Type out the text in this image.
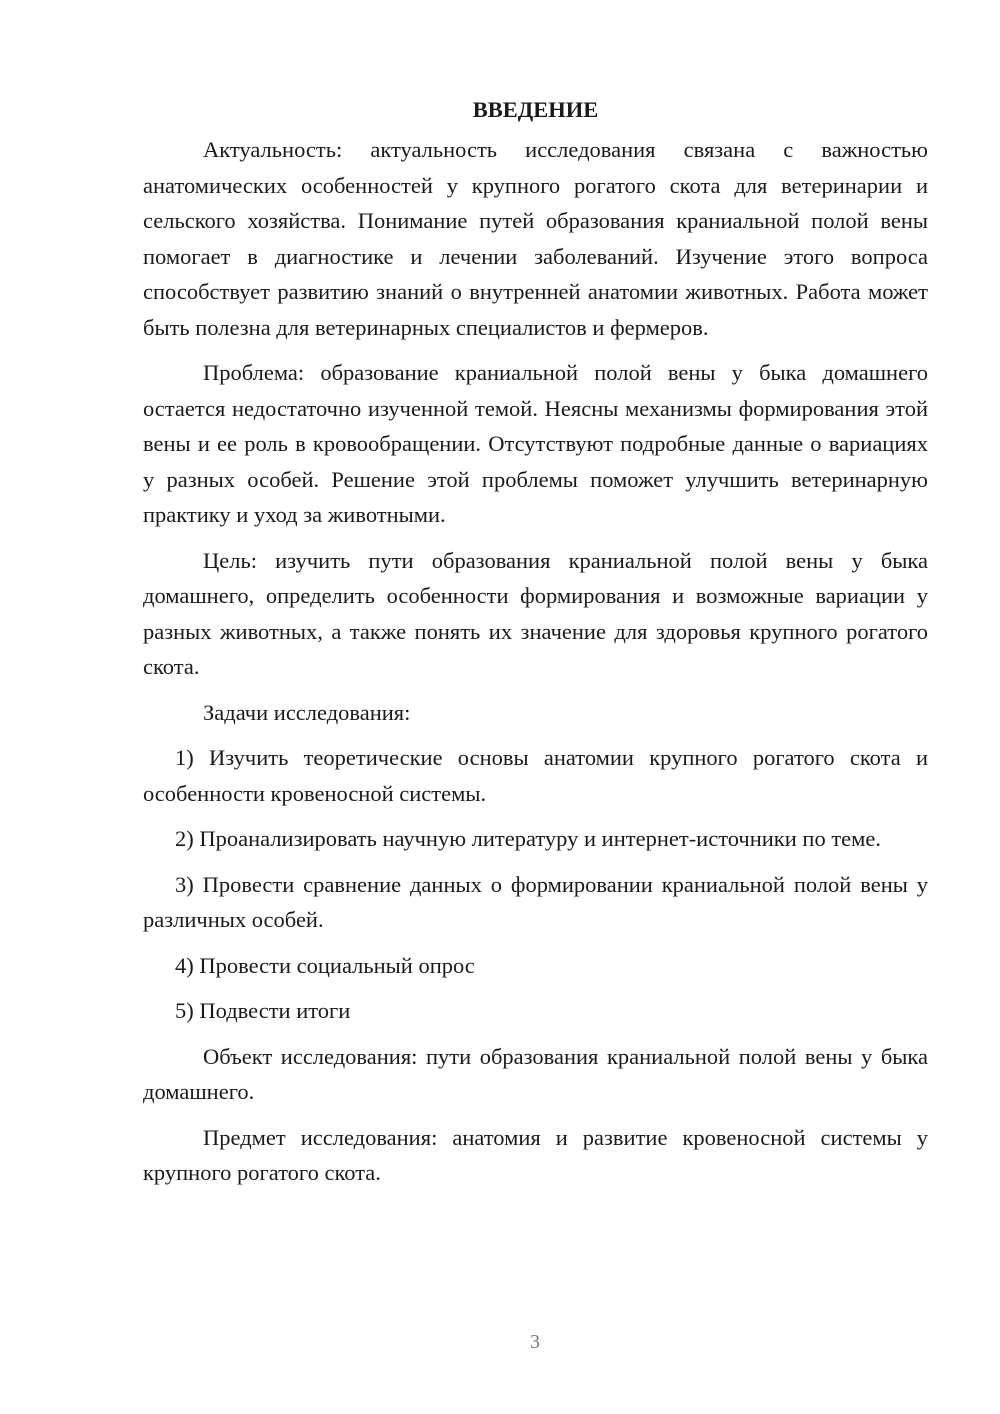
ВВЕДЕНИЕ

Актуальность: актуальность исследования связана с важностью анатомических особенностей у крупного рогатого скота для ветеринарии и сельского хозяйства. Понимание путей образования краниальной полой вены помогает в диагностике и лечении заболеваний. Изучение этого вопроса способствует развитию знаний о внутренней анатомии животных. Работа может быть полезна для ветеринарных специалистов и фермеров.

Проблема: образование краниальной полой вены у быка домашнего остается недостаточно изученной темой. Неясны механизмы формирования этой вены и ее роль в кровообращении. Отсутствуют подробные данные о вариациях у разных особей. Решение этой проблемы поможет улучшить ветеринарную практику и уход за животными.

Цель: изучить пути образования краниальной полой вены у быка домашнего, определить особенности формирования и возможные вариации у разных животных, а также понять их значение для здоровья крупного рогатого скота.

Задачи исследования:

1) Изучить теоретические основы анатомии крупного рогатого скота и особенности кровеносной системы.

2) Проанализировать научную литературу и интернет-источники по теме.

3) Провести сравнение данных о формировании краниальной полой вены у различных особей.

4) Провести социальный опрос

5) Подвести итоги

Объект исследования: пути образования краниальной полой вены у быка домашнего.

Предмет исследования: анатомия и развитие кровеносной системы у крупного рогатого скота.

3
